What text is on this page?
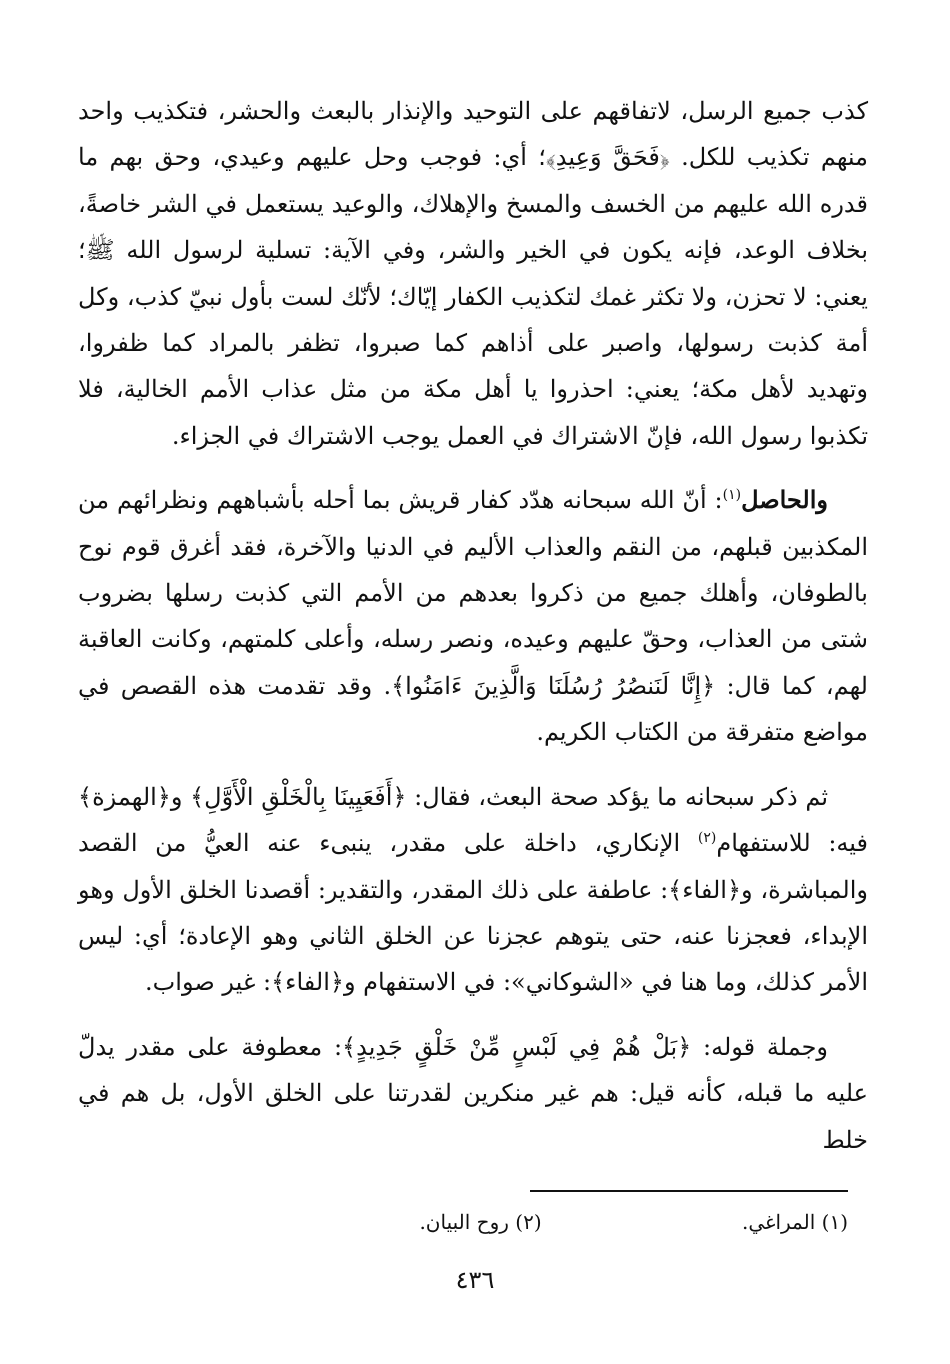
كذب جميع الرسل، لاتفاقهم على التوحيد والإنذار بالبعث والحشر، فتكذيب واحد منهم تكذيب للكل. ﴿فَحَقَّ وَعِيدِ﴾؛ أي: فوجب وحل عليهم وعيدي، وحق بهم ما قدره الله عليهم من الخسف والمسخ والإهلاك، والوعيد يستعمل في الشر خاصةً، بخلاف الوعد، فإنه يكون في الخير والشر، وفي الآية: تسلية لرسول الله ﷺ؛ يعني: لا تحزن، ولا تكثر غمك لتكذيب الكفار إيّاك؛ لأنّك لست بأول نبيّ كذب، وكل أمة كذبت رسولها، واصبر على أذاهم كما صبروا، تظفر بالمراد كما ظفروا، وتهديد لأهل مكة؛ يعني: احذروا يا أهل مكة من مثل عذاب الأمم الخالية، فلا تكذبوا رسول الله، فإنّ الاشتراك في العمل يوجب الاشتراك في الجزاء.

والحاصل$^{(١)}$: أنّ الله سبحانه هدّد كفار قريش بما أحله بأشباههم ونظرائهم من المكذبين قبلهم، من النقم والعذاب الأليم في الدنيا والآخرة، فقد أغرق قوم نوح بالطوفان، وأهلك جميع من ذكروا بعدهم من الأمم التي كذبت رسلها بضروب شتى من العذاب، وحقّ عليهم وعيده، ونصر رسله، وأعلى كلمتهم، وكانت العاقبة لهم، كما قال: ﴿إِنَّا لَنَنصُرُ رُسُلَنَا وَالَّذِينَ ءَامَنُوا﴾. وقد تقدمت هذه القصص في مواضع متفرقة من الكتاب الكريم.

ثم ذكر سبحانه ما يؤكد صحة البعث، فقال: ﴿أَفَعَيِينَا بِالْخَلْقِ الْأَوَّلِ﴾ و﴿الهمزة﴾ فيه: للاستفهام$^{(٢)}$ الإنكاري، داخلة على مقدر، ينبىء عنه العيُّ من القصد والمباشرة، و﴿الفاء﴾: عاطفة على ذلك المقدر، والتقدير: أقصدنا الخلق الأول وهو الإبداء، فعجزنا عنه، حتى يتوهم عجزنا عن الخلق الثاني وهو الإعادة؛ أي: ليس الأمر كذلك، وما هنا في «الشوكاني»: في الاستفهام و﴿الفاء﴾: غير صواب.

وجملة قوله: ﴿بَلْ هُمْ فِي لَبْسٍ مِّنْ خَلْقٍ جَدِيدٍ﴾: معطوفة على مقدر يدلّ عليه ما قبله، كأنه قيل: هم غير منكرين لقدرتنا على الخلق الأول، بل هم في خلط

(١) المراغي. (٢) روح البيان.
٤٣٦
